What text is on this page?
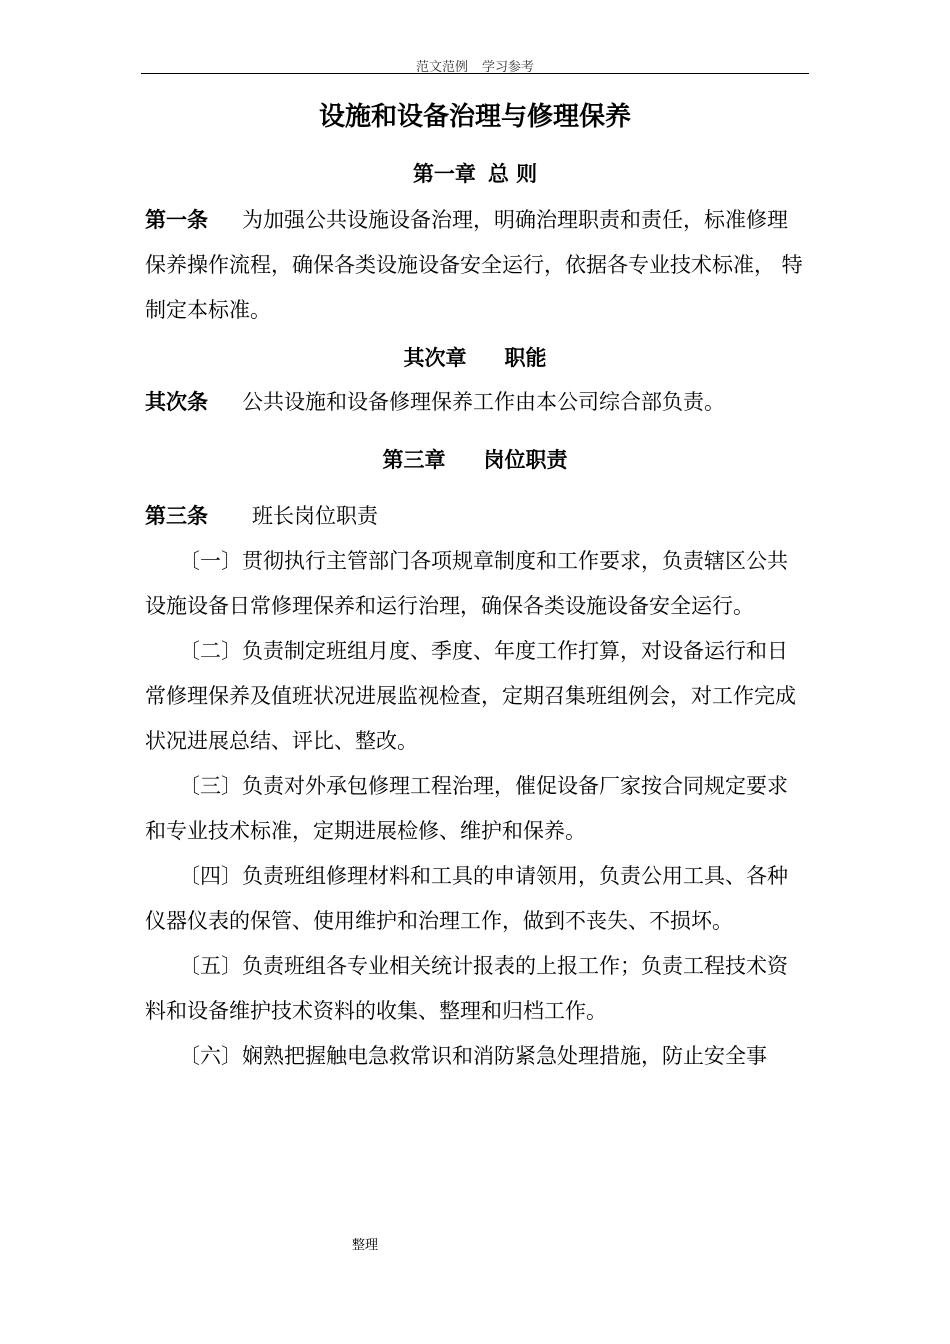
范文范例 学习参考
设施和设备治理与修理保养
第一章 总 则
第一条 为加强公共设施设备治理，明确治理职责和责任，标准修理保养操作流程，确保各类设施设备安全运行，依据各专业技术标准， 特制定本标准。
其次章 职能
其次条 公共设施和设备修理保养工作由本公司综合部负责。
第三章 岗位职责
第三条 班长岗位职责
〔一〕贯彻执行主管部门各项规章制度和工作要求，负责辖区公共设施设备日常修理保养和运行治理，确保各类设施设备安全运行。
〔二〕负责制定班组月度、季度、年度工作打算，对设备运行和日常修理保养及值班状况进展监视检查，定期召集班组例会，对工作完成状况进展总结、评比、整改。
〔三〕负责对外承包修理工程治理，催促设备厂家按合同规定要求和专业技术标准，定期进展检修、维护和保养。
〔四〕负责班组修理材料和工具的申请领用，负责公用工具、各种仪器仪表的保管、使用维护和治理工作，做到不丧失、不损坏。
〔五〕负责班组各专业相关统计报表的上报工作；负责工程技术资料和设备维护技术资料的收集、整理和归档工作。
〔六〕娴熟把握触电急救常识和消防紧急处理措施，防止安全事
整理
